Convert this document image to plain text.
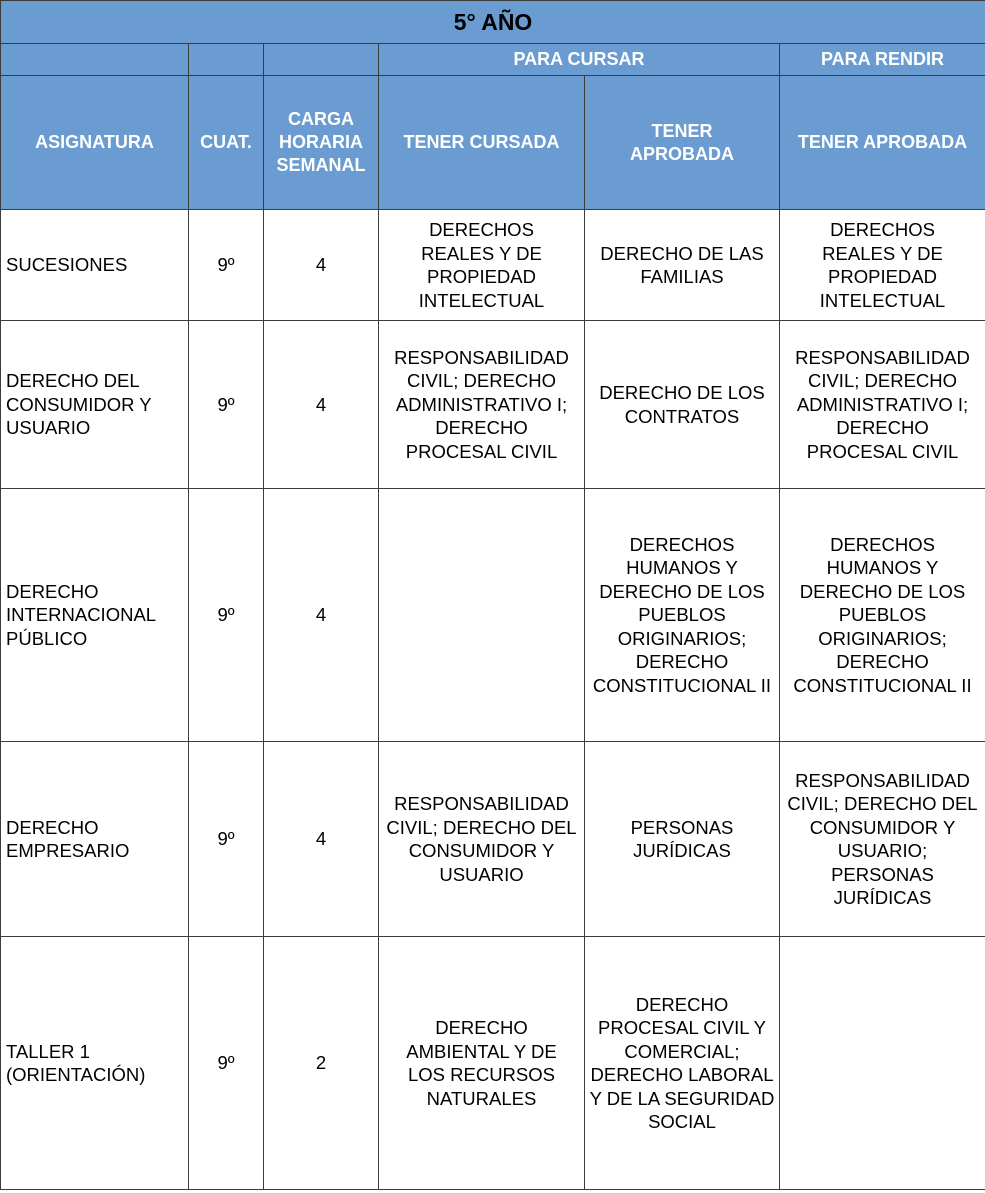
5° AÑO					
			PARA CURSAR		PARA RENDIR
ASIGNATURA	CUAT.	CARGA HORARIA SEMANAL	TENER CURSADA	TENER APROBADA	TENER APROBADA
SUCESIONES	9º	4	DERECHOS REALES Y DE PROPIEDAD INTELECTUAL	DERECHO DE LAS FAMILIAS	DERECHOS REALES Y DE PROPIEDAD INTELECTUAL
DERECHO DEL CONSUMIDOR Y USUARIO	9º	4	RESPONSABILIDAD CIVIL; DERECHO ADMINISTRATIVO I; DERECHO PROCESAL CIVIL	DERECHO DE LOS CONTRATOS	RESPONSABILIDAD CIVIL; DERECHO ADMINISTRATIVO I; DERECHO PROCESAL CIVIL
DERECHO INTERNACIONAL PÚBLICO	9º	4		DERECHOS HUMANOS Y DERECHO DE LOS PUEBLOS ORIGINARIOS; DERECHO CONSTITUCIONAL II	DERECHOS HUMANOS Y DERECHO DE LOS PUEBLOS ORIGINARIOS; DERECHO CONSTITUCIONAL II
DERECHO EMPRESARIO	9º	4	RESPONSABILIDAD CIVIL; DERECHO DEL CONSUMIDOR Y USUARIO	PERSONAS JURÍDICAS	RESPONSABILIDAD CIVIL; DERECHO DEL CONSUMIDOR Y USUARIO; PERSONAS JURÍDICAS
TALLER 1 (ORIENTACIÓN)	9º	2	DERECHO AMBIENTAL Y DE LOS RECURSOS NATURALES	DERECHO PROCESAL CIVIL Y COMERCIAL; DERECHO LABORAL Y DE LA SEGURIDAD SOCIAL	
